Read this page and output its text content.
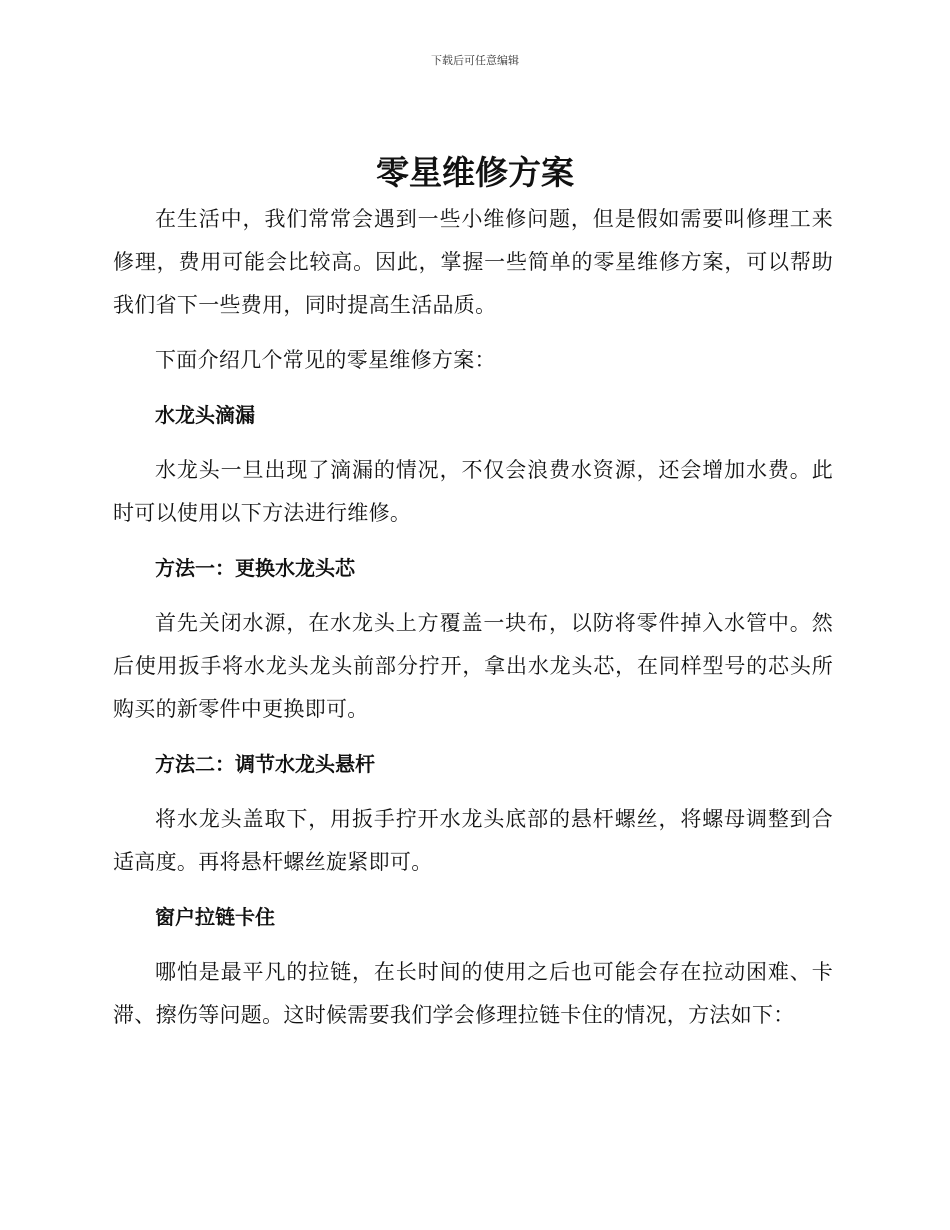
下载后可任意编辑
零星维修方案

在生活中，我们常常会遇到一些小维修问题，但是假如需要叫修理工来修理，费用可能会比较高。因此，掌握一些简单的零星维修方案，可以帮助我们省下一些费用，同时提高生活品质。

下面介绍几个常见的零星维修方案：

水龙头滴漏

水龙头一旦出现了滴漏的情况，不仅会浪费水资源，还会增加水费。此时可以使用以下方法进行维修。

方法一：更换水龙头芯

首先关闭水源，在水龙头上方覆盖一块布，以防将零件掉入水管中。然后使用扳手将水龙头龙头前部分拧开，拿出水龙头芯，在同样型号的芯头所购买的新零件中更换即可。

方法二：调节水龙头悬杆

将水龙头盖取下，用扳手拧开水龙头底部的悬杆螺丝，将螺母调整到合适高度。再将悬杆螺丝旋紧即可。

窗户拉链卡住

哪怕是最平凡的拉链，在长时间的使用之后也可能会存在拉动困难、卡滞、擦伤等问题。这时候需要我们学会修理拉链卡住的情况，方法如下：
